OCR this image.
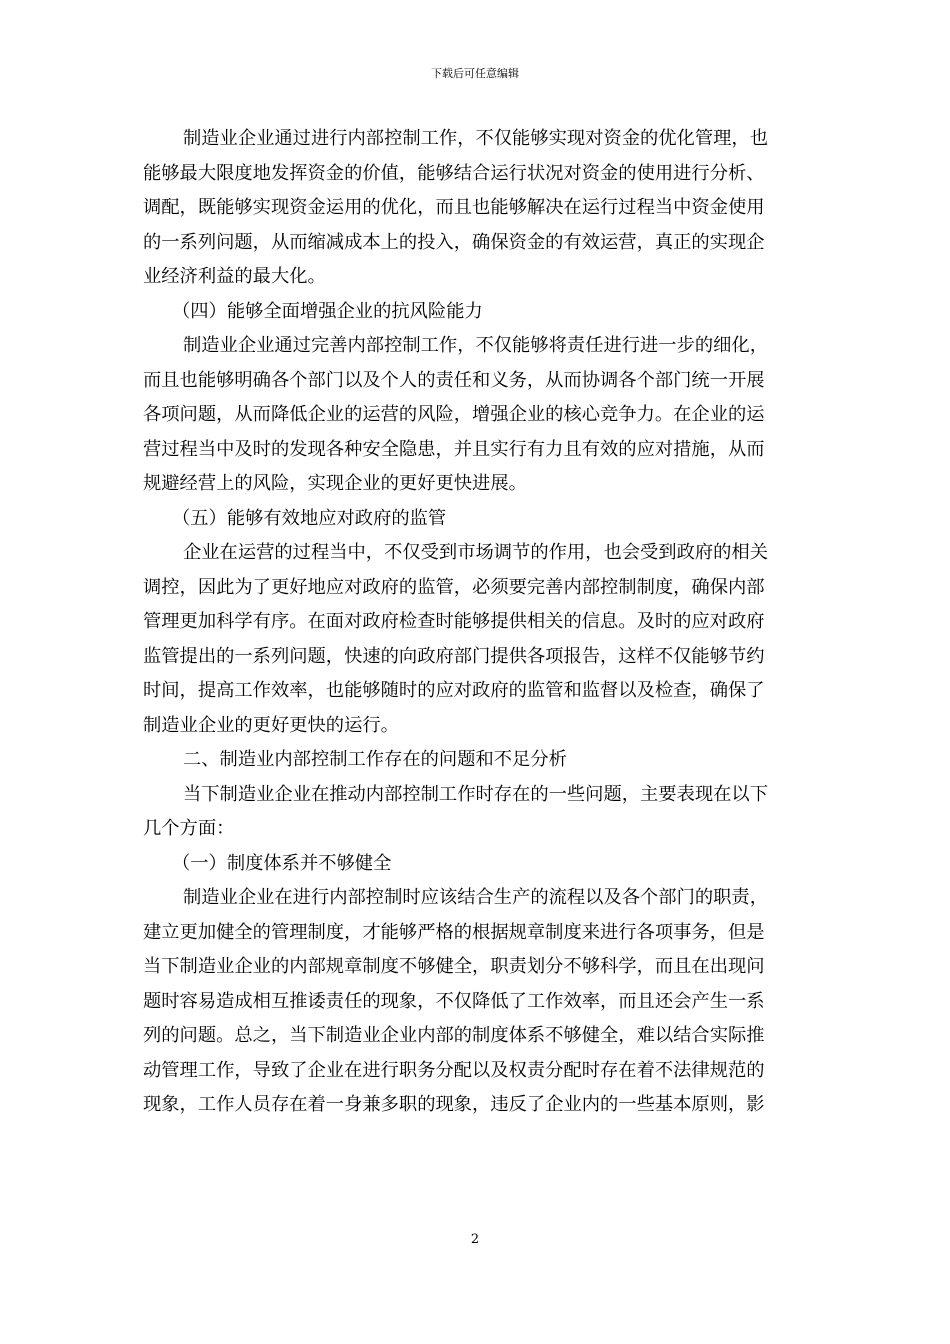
下载后可任意编辑
制造业企业通过进行内部控制工作，不仅能够实现对资金的优化管理，也
能够最大限度地发挥资金的价值，能够结合运行状况对资金的使用进行分析、
调配，既能够实现资金运用的优化，而且也能够解决在运行过程当中资金使用
的一系列问题，从而缩减成本上的投入，确保资金的有效运营，真正的实现企
业经济利益的最大化。
（四）能够全面增强企业的抗风险能力
制造业企业通过完善内部控制工作，不仅能够将责任进行进一步的细化，
而且也能够明确各个部门以及个人的责任和义务，从而协调各个部门统一开展
各项问题，从而降低企业的运营的风险，增强企业的核心竞争力。在企业的运
营过程当中及时的发现各种安全隐患，并且实行有力且有效的应对措施，从而
规避经营上的风险，实现企业的更好更快进展。
（五）能够有效地应对政府的监管
企业在运营的过程当中，不仅受到市场调节的作用，也会受到政府的相关
调控，因此为了更好地应对政府的监管，必须要完善内部控制制度，确保内部
管理更加科学有序。在面对政府检查时能够提供相关的信息。及时的应对政府
监管提出的一系列问题，快速的向政府部门提供各项报告，这样不仅能够节约
时间，提高工作效率，也能够随时的应对政府的监管和监督以及检查，确保了
制造业企业的更好更快的运行。
二、制造业内部控制工作存在的问题和不足分析
当下制造业企业在推动内部控制工作时存在的一些问题，主要表现在以下
几个方面：
（一）制度体系并不够健全
制造业企业在进行内部控制时应该结合生产的流程以及各个部门的职责，
建立更加健全的管理制度，才能够严格的根据规章制度来进行各项事务，但是
当下制造业企业的内部规章制度不够健全，职责划分不够科学，而且在出现问
题时容易造成相互推诿责任的现象，不仅降低了工作效率，而且还会产生一系
列的问题。总之，当下制造业企业内部的制度体系不够健全，难以结合实际推
动管理工作，导致了企业在进行职务分配以及权责分配时存在着不法律规范的
现象，工作人员存在着一身兼多职的现象，违反了企业内的一些基本原则，影
2
